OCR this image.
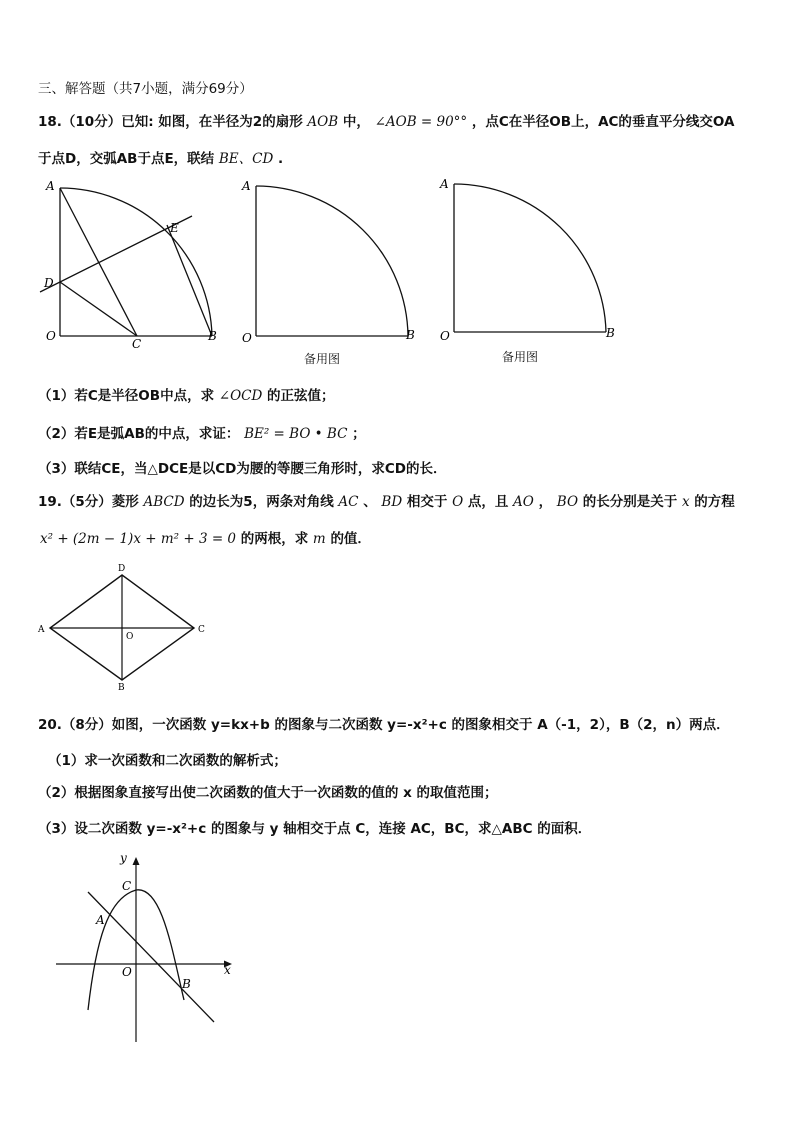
三、解答题（共7小题，满分69分）
18.（10分）已知: 如图，在半径为2的扇形 AOB 中， ∠AOB = 90°° ，点C在半径OB上，AC的垂直平分线交OA
于点D，交弧AB于点E，联结 BE、CD .
A
E
D
O
C
B
A
O	B
备用图
A
O	B
备用图
（1）若C是半径OB中点，求 ∠OCD 的正弦值；
（2）若E是弧AB的中点，求证： BE² = BO • BC ；
（3）联结CE，当△DCE是以CD为腰的等腰三角形时，求CD的长．
19.（5分）菱形 ABCD 的边长为5，两条对角线 AC 、 BD 相交于 O 点，且 AO ， BO 的长分别是关于 x 的方程
x² + (2m − 1)x + m² + 3 = 0 的两根，求 m 的值．
D
A	C
O
B
20.（8分）如图，一次函数 y=kx+b 的图象与二次函数 y=-x²+c 的图象相交于 A（-1，2），B（2，n）两点．
（1）求一次函数和二次函数的解析式；
（2）根据图象直接写出使二次函数的值大于一次函数的值的 x 的取值范围；
（3）设二次函数 y=-x²+c 的图象与 y 轴相交于点 C，连接 AC，BC，求△ABC 的面积．
y
x
C
A
O
B
